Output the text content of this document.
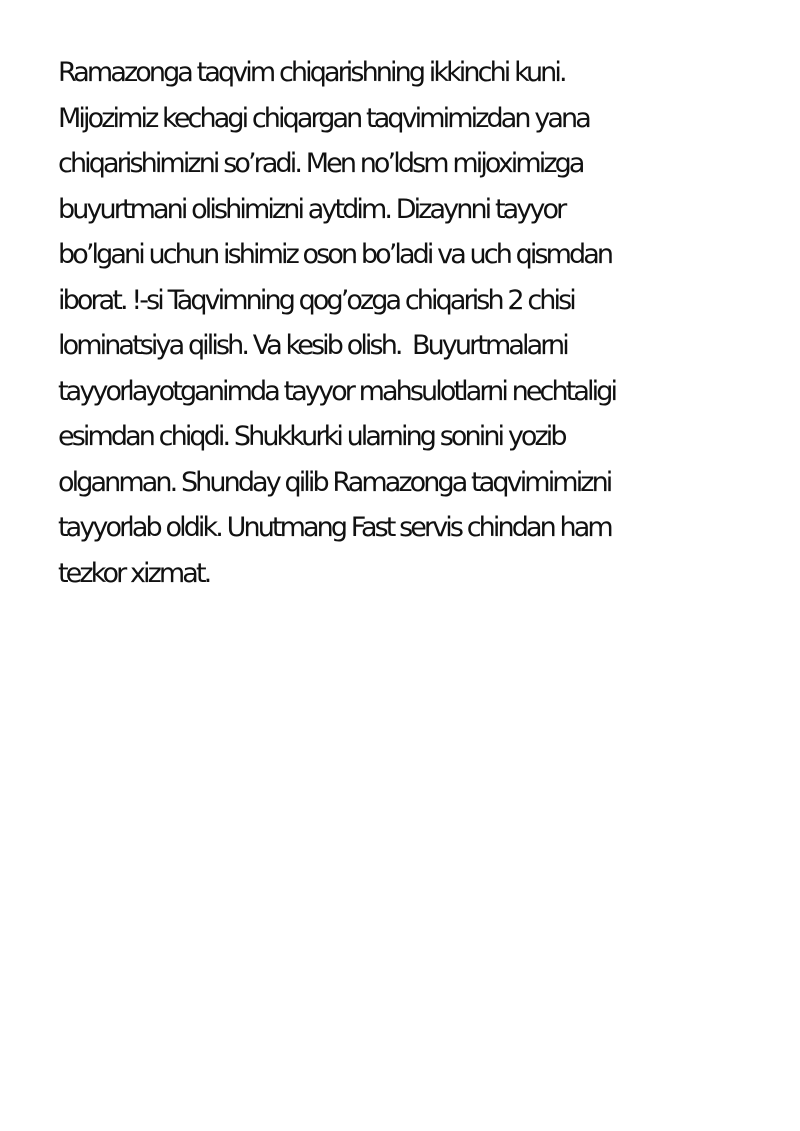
Ramazonga taqvim chiqarishning ikkinchi kuni.
Mijozimiz kechagi chiqargan taqvimimizdan yana
chiqarishimizni so’radi. Men no’ldsm mijoximizga
buyurtmani olishimizni aytdim. Dizaynni tayyor
bo’lgani uchun ishimiz oson bo’ladi va uch qismdan
iborat. !-si Taqvimning qog’ozga chiqarish 2 chisi
lominatsiya qilish. Va kesib olish.  Buyurtmalarni
tayyorlayotganimda tayyor mahsulotlarni nechtaligi
esimdan chiqdi. Shukkurki ularning sonini yozib
olganman. Shunday qilib Ramazonga taqvimimizni
tayyorlab oldik. Unutmang Fast servis chindan ham
tezkor xizmat.
